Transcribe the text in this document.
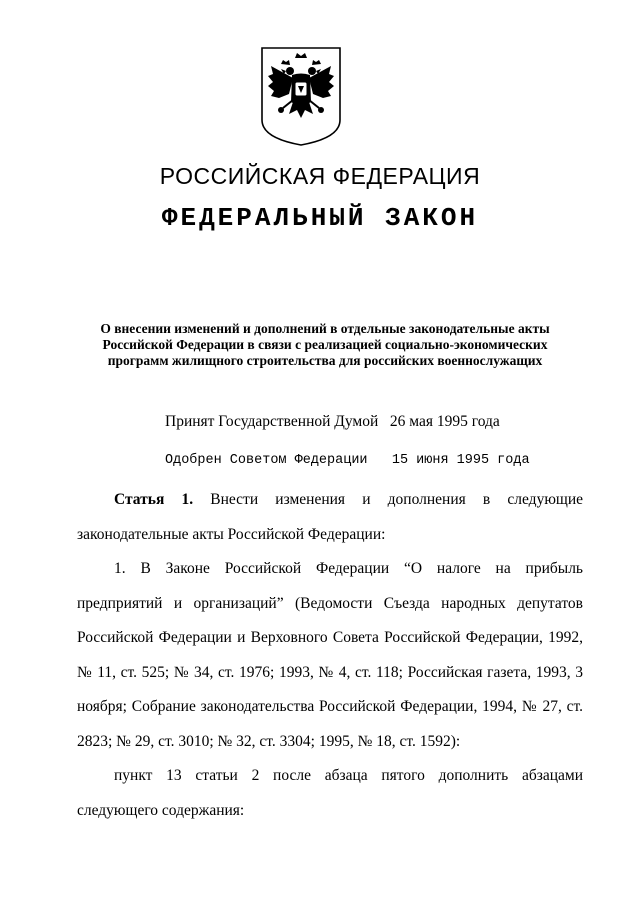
РОССИЙСКАЯ ФЕДЕРАЦИЯ
ФЕДЕРАЛЬНЫЙ ЗАКОН
О внесении изменений и дополнений в отдельные законодательные акты Российской Федерации в связи с реализацией социально-экономических программ жилищного строительства для российских военнослужащих
Принят Государственной Думой 26 мая 1995 года
Одобрен Советом Федерации 15 июня 1995 года

Статья 1. Внести изменения и дополнения в следующие законодательные акты Российской Федерации:

1. В Законе Российской Федерации “О налоге на прибыль предприятий и организаций” (Ведомости Съезда народных депутатов Российской Федерации и Верховного Совета Российской Федерации, 1992, № 11, ст. 525; № 34, ст. 1976; 1993, № 4, ст. 118; Российская газета, 1993, 3 ноября; Собрание законодательства Российской Федерации, 1994, № 27, ст. 2823; № 29, ст. 3010; № 32, ст. 3304; 1995, № 18, ст. 1592):

пункт 13 статьи 2 после абзаца пятого дополнить абзацами следующего содержания:
